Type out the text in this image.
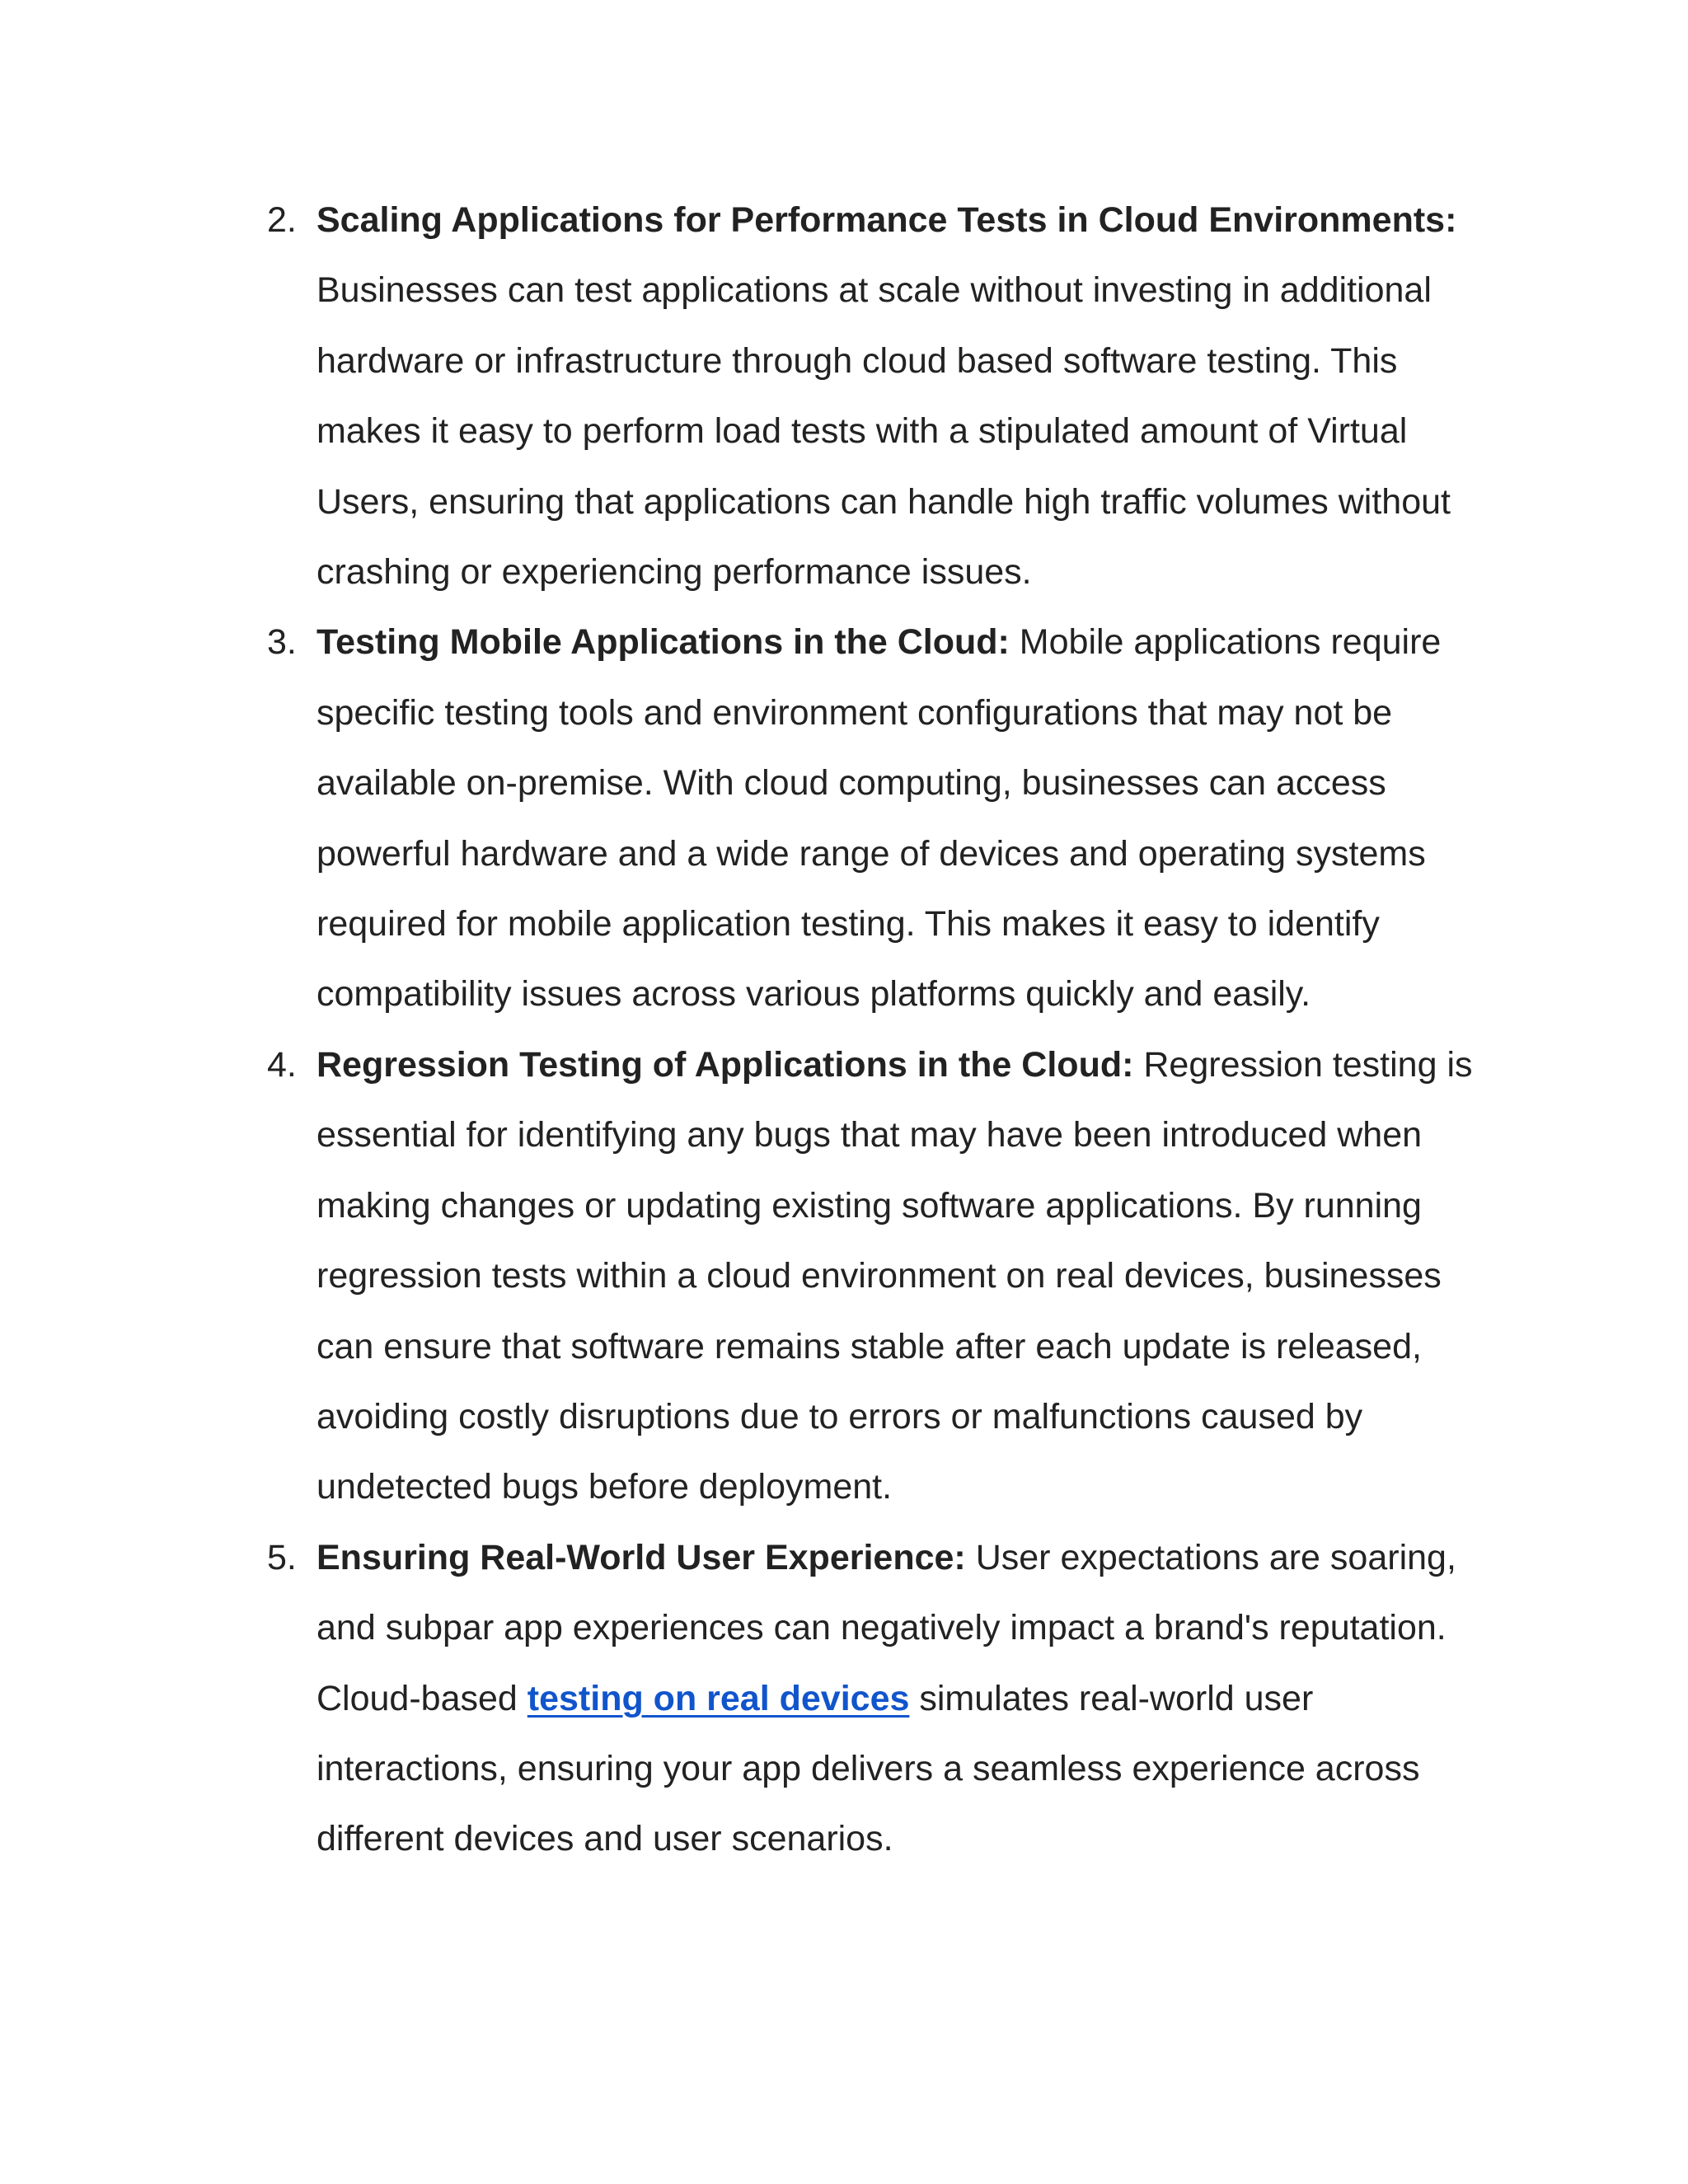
2. Scaling Applications for Performance Tests in Cloud Environments: Businesses can test applications at scale without investing in additional hardware or infrastructure through cloud based software testing. This makes it easy to perform load tests with a stipulated amount of Virtual Users, ensuring that applications can handle high traffic volumes without crashing or experiencing performance issues.
3. Testing Mobile Applications in the Cloud: Mobile applications require specific testing tools and environment configurations that may not be available on-premise. With cloud computing, businesses can access powerful hardware and a wide range of devices and operating systems required for mobile application testing. This makes it easy to identify compatibility issues across various platforms quickly and easily.
4. Regression Testing of Applications in the Cloud: Regression testing is essential for identifying any bugs that may have been introduced when making changes or updating existing software applications. By running regression tests within a cloud environment on real devices, businesses can ensure that software remains stable after each update is released, avoiding costly disruptions due to errors or malfunctions caused by undetected bugs before deployment.
5. Ensuring Real-World User Experience: User expectations are soaring, and subpar app experiences can negatively impact a brand's reputation. Cloud-based testing on real devices simulates real-world user interactions, ensuring your app delivers a seamless experience across different devices and user scenarios.
